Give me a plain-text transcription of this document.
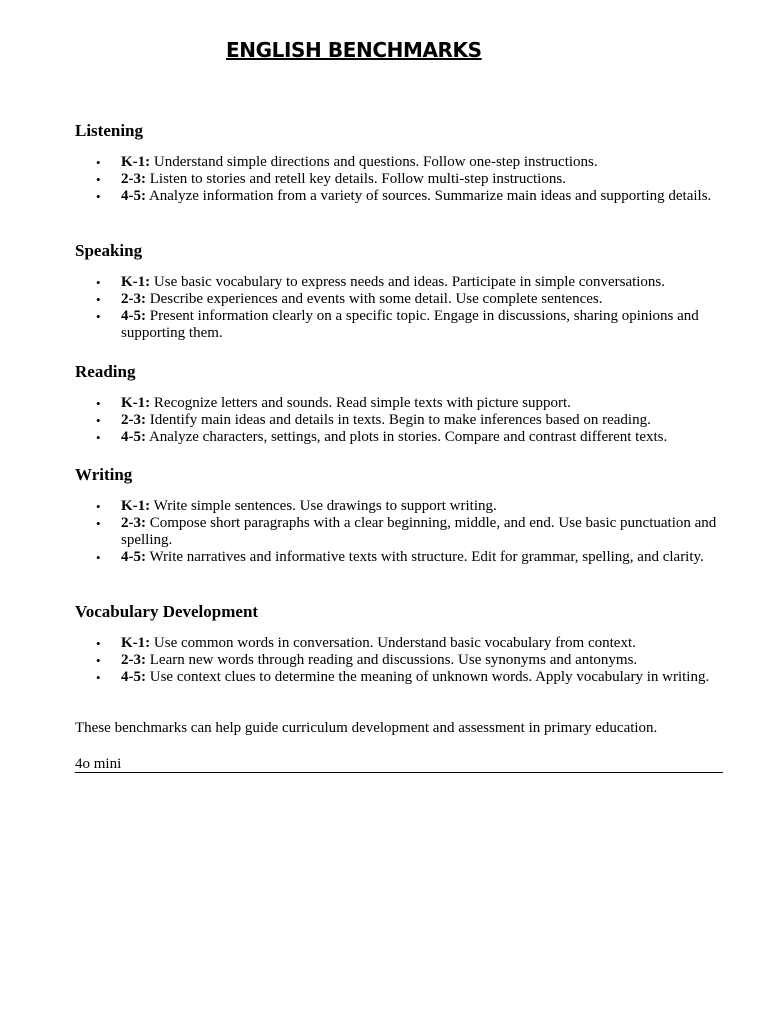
ENGLISH BENCHMARKS
Listening
• K-1: Understand simple directions and questions. Follow one-step instructions.
• 2-3: Listen to stories and retell key details. Follow multi-step instructions.
• 4-5: Analyze information from a variety of sources. Summarize main ideas and supporting details.
Speaking
• K-1: Use basic vocabulary to express needs and ideas. Participate in simple conversations.
• 2-3: Describe experiences and events with some detail. Use complete sentences.
• 4-5: Present information clearly on a specific topic. Engage in discussions, sharing opinions and supporting them.
Reading
• K-1: Recognize letters and sounds. Read simple texts with picture support.
• 2-3: Identify main ideas and details in texts. Begin to make inferences based on reading.
• 4-5: Analyze characters, settings, and plots in stories. Compare and contrast different texts.
Writing
• K-1: Write simple sentences. Use drawings to support writing.
• 2-3: Compose short paragraphs with a clear beginning, middle, and end. Use basic punctuation and spelling.
• 4-5: Write narratives and informative texts with structure. Edit for grammar, spelling, and clarity.
Vocabulary Development
• K-1: Use common words in conversation. Understand basic vocabulary from context.
• 2-3: Learn new words through reading and discussions. Use synonyms and antonyms.
• 4-5: Use context clues to determine the meaning of unknown words. Apply vocabulary in writing.

These benchmarks can help guide curriculum development and assessment in primary education.

4o mini
